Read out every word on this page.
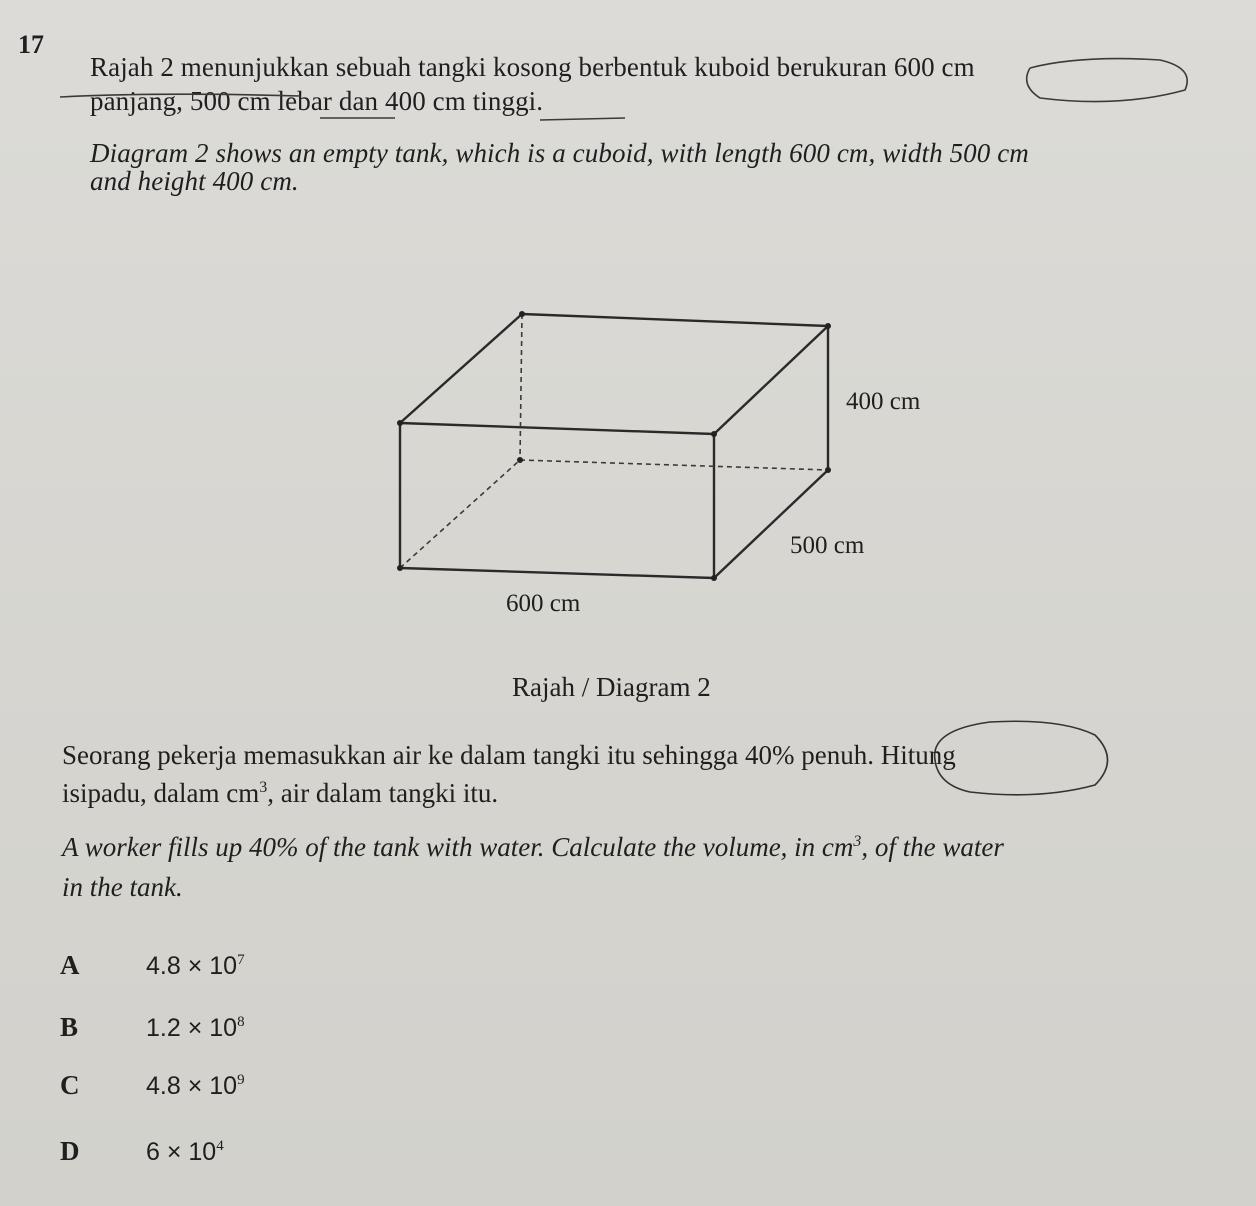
17
Rajah 2 menunjukkan sebuah tangki kosong berbentuk kuboid berukuran 600 cm
panjang, 500 cm lebar dan 400 cm tinggi.
Diagram 2 shows an empty tank, which is a cuboid, with length 600 cm, width 500 cm
and height 400 cm.
400 cm
500 cm
600 cm
Rajah / Diagram 2
Seorang pekerja memasukkan air ke dalam tangki itu sehingga 40% penuh. Hitung
isipadu, dalam $cm^3$, air dalam tangki itu.
A worker fills up 40% of the tank with water. Calculate the volume, in $cm^3$, of the water
in the tank.
A	$4.8 \times 10^7$
B	$1.2 \times 10^8$
C	$4.8 \times 10^9$
D	$6 \times 10^4$
